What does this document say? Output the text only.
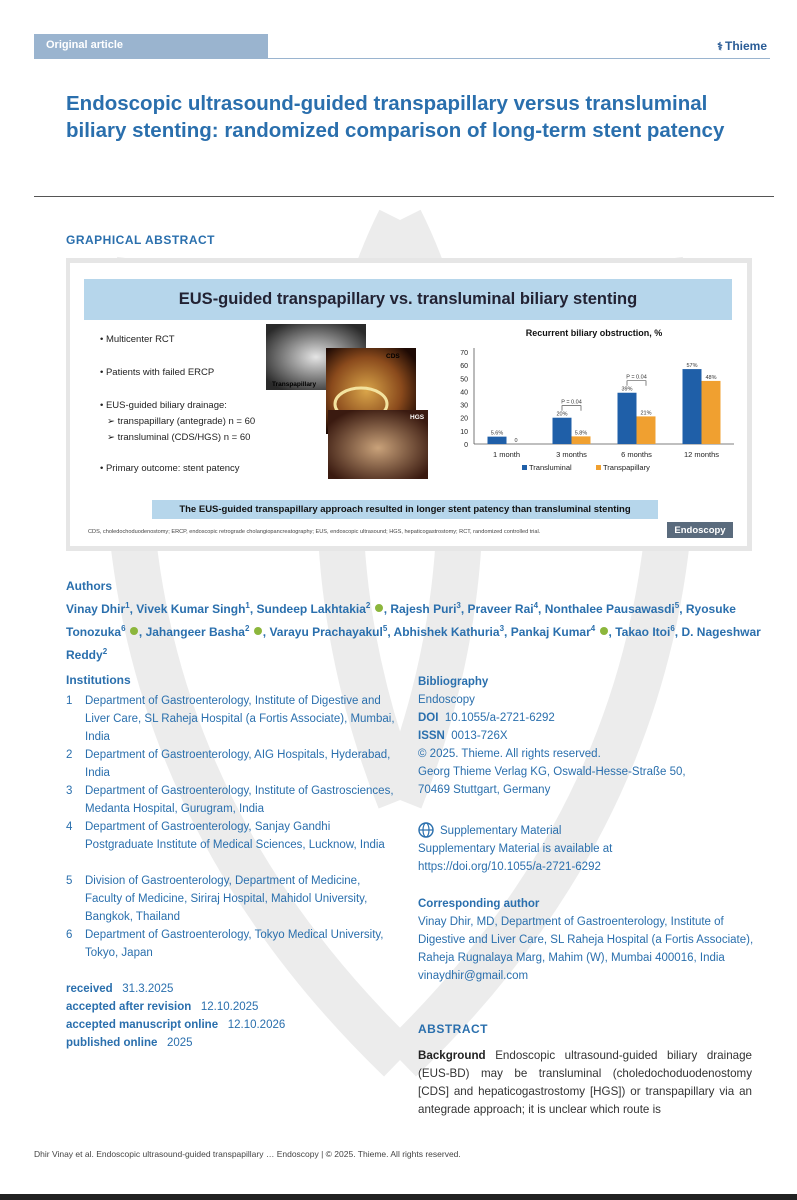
Original article	⚕ Thieme
Endoscopic ultrasound-guided transpapillary versus transluminal biliary stenting: randomized comparison of long-term stent patency
GRAPHICAL ABSTRACT
EUS-guided transpapillary vs. transluminal biliary stenting
• Multicenter RCT
• Patients with failed ERCP
• EUS-guided biliary drainage:
➢ transpapillary (antegrade) n = 60
➢ transluminal (CDS/HGS) n = 60
• Primary outcome: stent patency
Transpapillary
CDS
HGS
Recurrent biliary obstruction, %
0
10
20
30
40
50
60
70
1 month
5.6%
0
3 months
20%
5.8%
P = 0.04
6 months
39%
21%
P = 0.04
12 months
57%
48%
Transluminal	Transpapillary
The EUS-guided transpapillary approach resulted in longer stent patency than transluminal stenting
CDS, choledochoduodenostomy; ERCP, endoscopic retrograde cholangiopancreatography; EUS, endoscopic ultrasound; HGS, hepaticogastrostomy; RCT, randomized controlled trial.	Endoscopy
Authors
Vinay Dhir$^1$, Vivek Kumar Singh$^1$, Sundeep Lakhtakia$^2$ , Rajesh Puri$^3$, Praveer Rai$^4$, Nonthalee Pausawasdi$^5$, Ryosuke Tonozuka$^6$ , Jahangeer Basha$^2$ , Varayu Prachayakul$^5$, Abhishek Kathuria$^3$, Pankaj Kumar$^4$ , Takao Itoi$^6$, D. Nageshwar Reddy$^2$
Institutions
1 Department of Gastroenterology, Institute of Digestive and Liver Care, SL Raheja Hospital (a Fortis Associate), Mumbai, India
2 Department of Gastroenterology, AIG Hospitals, Hyderabad, India
3 Department of Gastroenterology, Institute of Gastrosciences, Medanta Hospital, Gurugram, India
4 Department of Gastroenterology, Sanjay Gandhi Postgraduate Institute of Medical Sciences, Lucknow, India
5 Division of Gastroenterology, Department of Medicine, Faculty of Medicine, Siriraj Hospital, Mahidol University, Bangkok, Thailand
6 Department of Gastroenterology, Tokyo Medical University, Tokyo, Japan
received 31.3.2025
accepted after revision 12.10.2025
accepted manuscript online 12.10.2026
published online 2025
Bibliography
Endoscopy
DOI 10.1055/a-2721-6292
ISSN 0013-726X
© 2025. Thieme. All rights reserved.
Georg Thieme Verlag KG, Oswald-Hesse-Straße 50,
70469 Stuttgart, Germany
Supplementary Material
Supplementary Material is available at
https://doi.org/10.1055/a-2721-6292
Corresponding author
Vinay Dhir, MD, Department of Gastroenterology, Institute of Digestive and Liver Care, SL Raheja Hospital (a Fortis Associate), Raheja Rugnalaya Marg, Mahim (W), Mumbai 400016, India
vinaydhir@gmail.com
ABSTRACT
Background Endoscopic ultrasound-guided biliary drainage (EUS-BD) may be transluminal (choledochoduodenostomy [CDS] and hepaticogastrostomy [HGS]) or transpapillary via an antegrade approach; it is unclear which route is
Dhir Vinay et al. Endoscopic ultrasound-guided transpapillary … Endoscopy | © 2025. Thieme. All rights reserved.
